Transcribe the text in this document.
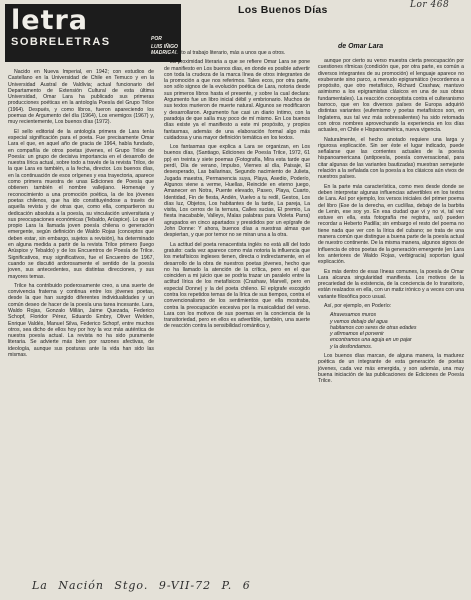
letra
SOBRELETRAS	POR
LUIS IÑIGO MADRIGAL
Lor 468
Los Buenos Días
de Omar Lara

Nacido en Nueva Imperial, en 1942; con estudios de Castellano en la Universidad de Chile en Temuco y en la Universidad Austral de Valdivia; actual funcionario del Departamento de Extensión Cultural de esta última Universidad, Omar Lara ha publicado sus primeras producciones poéticas en la antología Poesía del Grupo Trilce (1964). Después, y como libros, fueron apareciendo los poemas de Argumento del día (1964), Los enemigos (1967) y, muy recientemente, Los buenos días (1972).

El sello editorial de la antología primera de Lara tenía especial significación para el poeta. Fue precisamente Omar Lara el que, en aquel año de gracia de 1964, había fundado, en compañía de otros poetas jóvenes, el Grupo Trilce de Poesía: un grupo de decisiva importancia en el desarrollo de nuestra lírica actual, sobre todo a través de la revista Trilce, de la que Lara es también, a la fecha, director. Los buenos días, en la continuación de esos orígenes y esa trayectoria, aparece como primera muestra de unas Ediciones de Poesía que obtienen también el nombre vallejiano. Homenaje y reconocimiento a una promoción poética, la de los jóvenes poetas chilenos, que ha ido constituyéndose a través de aquella revista y de otras que, como ella, compartieron su dedicación absoluta a la poesía, su vinculación universitaria y sus preocupaciones económicas (Tebaldo, Arúspice). Lo que el propio Lara la llamada joven poesía chilena o generación emergente, según definición de Waldo Rojas (conceptos que deben estar, sin embargo, sujetos a revisión), ha determinado en alguna medida a partir de la revista Trilce primero (luego Arúspice y Tebaldo) y de los Encuentros de Poesía de Trilce. Significativos, muy significativos, fue el Encuentro de 1967, cuando se discutió ardorosamente el sentido de la poesía joven, sus antecedentes, sus distintas direcciones, y sus mayores temas.

Trilce ha contribuido poderosamente creo, a una suerte de convivencia fraterna y continua entre los jóvenes poetas, desde la que han surgido diferentes individualidades y un común deseo de hacer de la poesía una tarea incesante. Lara, Waldo Rojas, Gonzalo Millán, Jaime Quezada, Federico Schopf, Floridor Pérez, Eduardo Embry, Oliver Welden, Enrique Valdés, Manuel Silva, Federico Schopf, entre muchos otros, sea dicho de ellos hoy por hoy la voz más auténtica de nuestra poesía actual. La revista no ha sido puramente literaria. Se advierte más bien por razones afectivas, de ideología, aunque sus posturas ante la vida han sido las mismas.

cuanto al trabajo literario, más a unos que a otros.

La proximidad literaria a que se refiere Omar Lara se pone de manifiesto en Los buenos días, en donde es posible advertir con toda la crudeza de la marca línea de otros integrantes de la promoción a que nos referimos. Tales ecos, por otra parte, son sólo signos de la evolución poética de Lara, notoria desde sus primeros libros hasta el presente, y sobre la cual declara: Argumento fue un libro inicial débil y embrionario. Muchos de sus textos murieron de muerte natural. Algunos se modificaron y desarrollaron. Argumento fue casi un diario íntimo, con la paradoja de que salía muy poco de mí mismo. En Los buenos días existe ya el manifiesto a este mi propósito, y propios fantasmas, además de una elaboración formal algo más cuidadosa y una mayor definición temática en los textos.

Los fantasmas que explica a Lara se organizan, en Los buenos días, (Santiago, Ediciones de Poesía Trilce, 1972, 61 pp) en treinta y siete poemas (Fotografía, Mira esta tarde que perdí, Día de verano, Impulso, Viernes al día, Paisaje, El desesperado, Las bailarinas, Segundo nacimiento de Julieta, Jugada maestra, Permanencia suya, Playa, Asedio, Poderío, Algunos viene a verme, Huellas, Reincide en eterno juego, Amanecer en Notra, Puente elevado, Paseo, Playa, Cuarto, Identidad, Fin de fiesta, Andén, Vuelvo a tu redil, Gestos, Los días luz, Objetos, Los habitantes de la tarde, La pareja, La visita, Los cerros de la ternura, Calles sucias, El premio, La fiesta inacabable, Valleys, Malas palabras para Violeta Parra) agrupados en cinco apartados y presididos por un epígrafe de John Donne: Y ahora, buenos días a nuestras almas que despiertan, y que por temor no se miran una a la otra.

La actitud del poeta renacentista inglés no está allí del todo gratuito: cada vez aparece como más notoria la influencia que los metafísicos ingleses tienen, directa o indirectamente, en el desarrollo de la obra de nuestros poetas jóvenes, hecho que no ha llamado la atención de la crítica, pero en el que coinciden a mi juicio que se podría trazar un paralelo entre la actitud lírica de los metafísicos (Crashaw, Marvell, pero en especial Donne) y la del poeta chileno. El epígrafe escogido contra los repetidos temas de la lírica de sus tiempos, contra el convencionalismo de los sentimientos que ella mostraba, contra la preocupación excesiva por la musicalidad del verso. Lara con los motivos de sus poemas en la conciencia de la transitoriedad, pero en ellos es advertible, también, una suerte de reacción contra la sensibilidad romántica y,

aunque por cierto su verso muestra cierta preocupación por cuestiones rítmicas (condición que, por otra parte, es común a diversos integrantes de su promoción) el lenguaje aparece no exuberante sino parco, a menudo epigramático (recordemos a propósito, que otro metafísico, Richard Crashaw, mantuvo asimismo a los epigramistas clásicos en una de sus obras fundamentales). La reacción conceptista contra el culteranismo barroco, que en los diversos países de Europa adquirió distintas variantes (eufemismo y poetas metafísicos son, en Inglaterra, sus tal vez más sobresalientes) ha sido retomada con otros nombres aprovechando la experiencia en los días actuales, en Chile e Hispanoamérica, nueva vigencia.

Naturalmente, el hecho anotado requiere una larga y rigurosa explicación. Sin ser éste el lugar indicado, puede señalarse que las corrientes actuales de la poesía hispanoamericana (antipoesía, poesía conversacional, para citar algunas de las variantes bautizadas) muestran semejante relación a la señalada con la poesía a los clásicos aún vivos de nuestros países.

En la parte más característica, como mes desde donde se deben interpretar algunas influencias advertibles en los textos de Lara. Así por ejemplo, los versos iniciales del primer poema del libro (Ese de la derecha, en cuclillas, debajo de la barbita de Lenin, ese soy yo. En esa ciudad que vi y no vi, tal vez estuve en ella, esta fotografía me registra, así) pueden recordar a Heberto Padilla; sin embargo el resto del poema no tiene nada que ver con la lírica del cubano; se trata de una manera común que distingue a buena parte de la poesía actual de nuestro continente. De la misma manera, algunos signos de influencia de otros poetas de la generación emergente (en Lara los anteriores de Waldo Rojas, verbigracia) soportan igual explicación.

Es más dentro de esas líneas comunes, la poesía de Omar Lara alcanza singularidad manifiesta. Los motivos de la precariedad de la existencia, de la conciencia de lo transitorio, están realzados en ella, con un matiz irónico y a veces con una variante filosófica poco usual.

Así, por ejemplo, en Poderío:

Atravesamos muros

y vemos debajo del agua

habitamos con seres de otras edades

y afirmamos el porvenir

encontramos una aguja en un pajar

y la desfondamos.

Los buenos días marcan, de alguna manera, la madurez poética de un integrante de esta generación de poetas jóvenes, cada vez más emergida, y son además, una muy buena iniciación de las publicaciones de Ediciones de Poesía Trilce.

La Nación Stgo. 9-VII-72 P. 6
